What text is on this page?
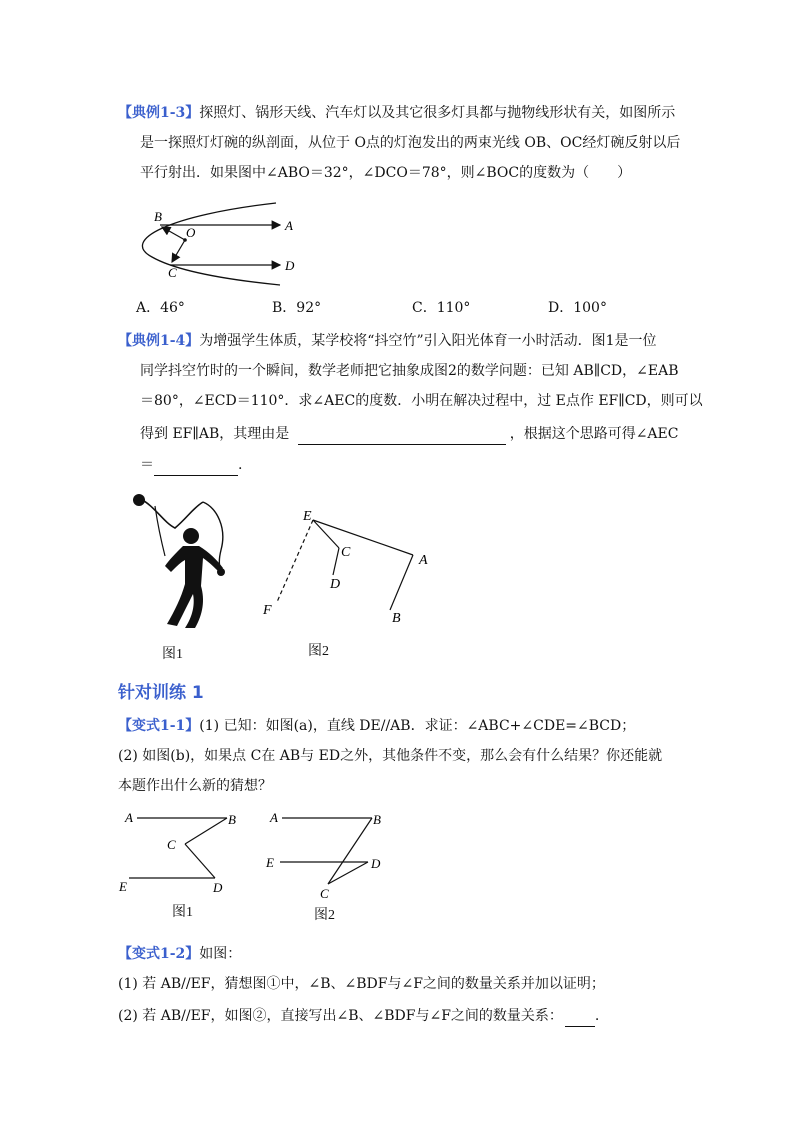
【典例1-3】探照灯、锅形天线、汽车灯以及其它很多灯具都与抛物线形状有关，如图所示
是一探照灯灯碗的纵剖面，从位于 O点的灯泡发出的两束光线 OB、OC经灯碗反射以后
平行射出．如果图中∠ABO＝32°，∠DCO＝78°，则∠BOC的度数为（　　）
B
O	A
C	D
A．46°	B．92°	C．110°	D．100°
【典例1-4】为增强学生体质，某学校将“抖空竹”引入阳光体育一小时活动．图1是一位
同学抖空竹时的一个瞬间，数学老师把它抽象成图2的数学问题：已知 AB∥CD，∠EAB
＝80°，∠ECD＝110°．求∠AEC的度数．小明在解决过程中，过 E点作 EF∥CD，则可以
得到 EF∥AB，其理由是	，根据这个思路可得∠AEC
＝	.
图1
E
C
A
D
F
B
图2
针对训练 1
【变式1-1】(1) 已知：如图(a)，直线 DE//AB．求证：∠ABC+∠CDE=∠BCD；
(2) 如图(b)，如果点 C在 AB与 ED之外，其他条件不变，那么会有什么结果？你还能就
本题作出什么新的猜想？
A	B
C
E	D
图1
A	B
E	D
C
图2
【变式1-2】如图：
(1) 若 AB//EF，猜想图①中，∠B、∠BDF与∠F之间的数量关系并加以证明；
(2) 若 AB//EF，如图②，直接写出∠B、∠BDF与∠F之间的数量关系： .
